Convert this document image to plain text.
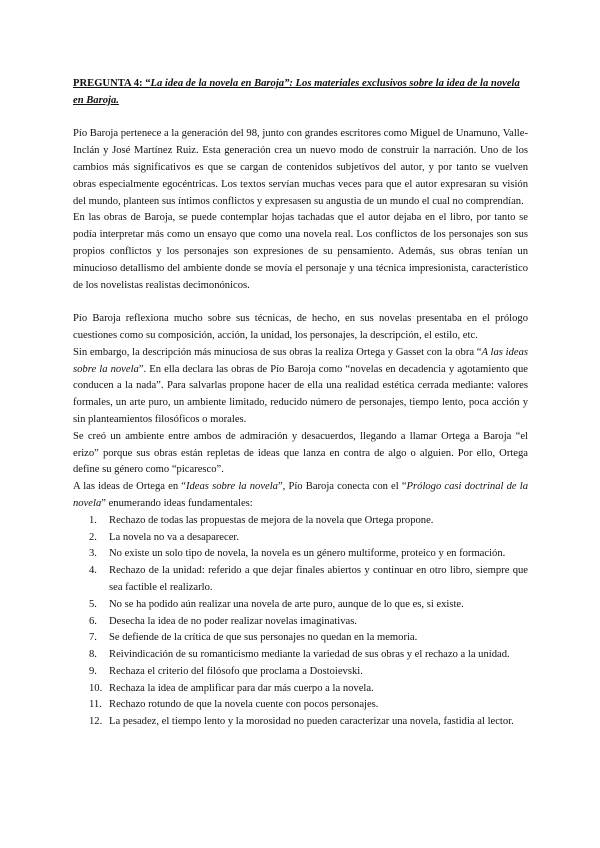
PREGUNTA 4: “La idea de la novela en Baroja”: Los materiales exclusivos sobre la idea de la novela en Baroja.

Pío Baroja pertenece a la generación del 98, junto con grandes escritores como Miguel de Unamuno, Valle-Inclán y José Martínez Ruiz. Esta generación crea un nuevo modo de construir la narración. Uno de los cambios más significativos es que se cargan de contenidos subjetivos del autor, y por tanto se vuelven obras especialmente egocéntricas. Los textos servían muchas veces para que el autor expresaran su visión del mundo, planteen sus íntimos conflictos y expresasen su angustia de un mundo el cual no comprendían.

En las obras de Baroja, se puede contemplar hojas tachadas que el autor dejaba en el libro, por tanto se podía interpretar más como un ensayo que como una novela real. Los conflictos de los personajes son sus propios conflictos y los personajes son expresiones de su pensamiento. Además, sus obras tenían un minucioso detallismo del ambiente donde se movía el personaje y una técnica impresionista, característico de los novelistas realistas decimonónicos.

Pío Baroja reflexiona mucho sobre sus técnicas, de hecho, en sus novelas presentaba en el prólogo cuestiones como su composición, acción, la unidad, los personajes, la descripción, el estilo, etc.

Sin embargo, la descripción más minuciosa de sus obras la realiza Ortega y Gasset con la obra “A las ideas sobre la novela”. En ella declara las obras de Pío Baroja como “novelas en decadencia y agotamiento que conducen a la nada”. Para salvarlas propone hacer de ella una realidad estética cerrada mediante: valores formales, un arte puro, un ambiente limitado, reducido número de personajes, tiempo lento, poca acción y sin planteamientos filosóficos o morales.

Se creó un ambiente entre ambos de admiración y desacuerdos, llegando a llamar Ortega a Baroja “el erizo” porque sus obras están repletas de ideas que lanza en contra de algo o alguien. Por ello, Ortega define su género como “picaresco”.

A las ideas de Ortega en “Ideas sobre la novela”, Pío Baroja conecta con el “Prólogo casi doctrinal de la novela” enumerando ideas fundamentales:

1. Rechazo de todas las propuestas de mejora de la novela que Ortega propone.
2. La novela no va a desaparecer.
3. No existe un solo tipo de novela, la novela es un género multiforme, proteico y en formación.
4. Rechazo de la unidad: referido a que dejar finales abiertos y continuar en otro libro, siempre que sea factible el realizarlo.
5. No se ha podido aún realizar una novela de arte puro, aunque de lo que es, si existe.
6. Desecha la idea de no poder realizar novelas imaginativas.
7. Se defiende de la crítica de que sus personajes no quedan en la memoria.
8. Reivindicación de su romanticismo mediante la variedad de sus obras y el rechazo a la unidad.
9. Rechaza el criterio del filósofo que proclama a Dostoievski.
10. Rechaza la idea de amplificar para dar más cuerpo a la novela.
11. Rechazo rotundo de que la novela cuente con pocos personajes.
12. La pesadez, el tiempo lento y la morosidad no pueden caracterizar una novela, fastidia al lector.
